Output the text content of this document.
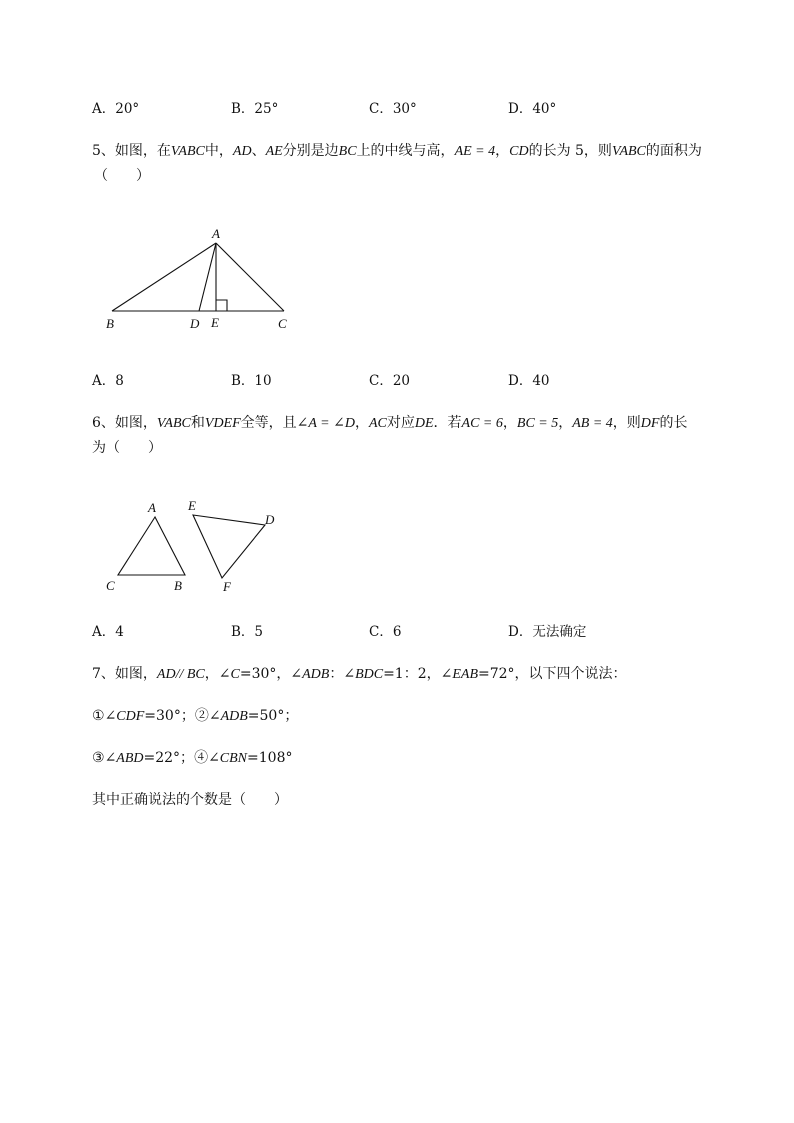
A．20°	B．25°	C．30°	D．40°
5、如图，在VABC中，AD、AE分别是边BC上的中线与高，AE = 4，CD的长为 5，则VABC的面积为
（　　）
A
B	D E	C
A．8	B．10	C．20	D．40
6、如图，VABC和VDEF全等，且∠A = ∠D，AC对应DE．若AC = 6，BC = 5，AB = 4，则DF的长
为（　　）
A
C	B
E
D
F
A．4	B．5	C．6	D．无法确定
7、如图，AD// BC，∠C=30°，∠ADB：∠BDC=1：2，∠EAB=72°，以下四个说法：
①∠CDF=30°；②∠ADB=50°；
③∠ABD=22°；④∠CBN=108°
其中正确说法的个数是（　　）
